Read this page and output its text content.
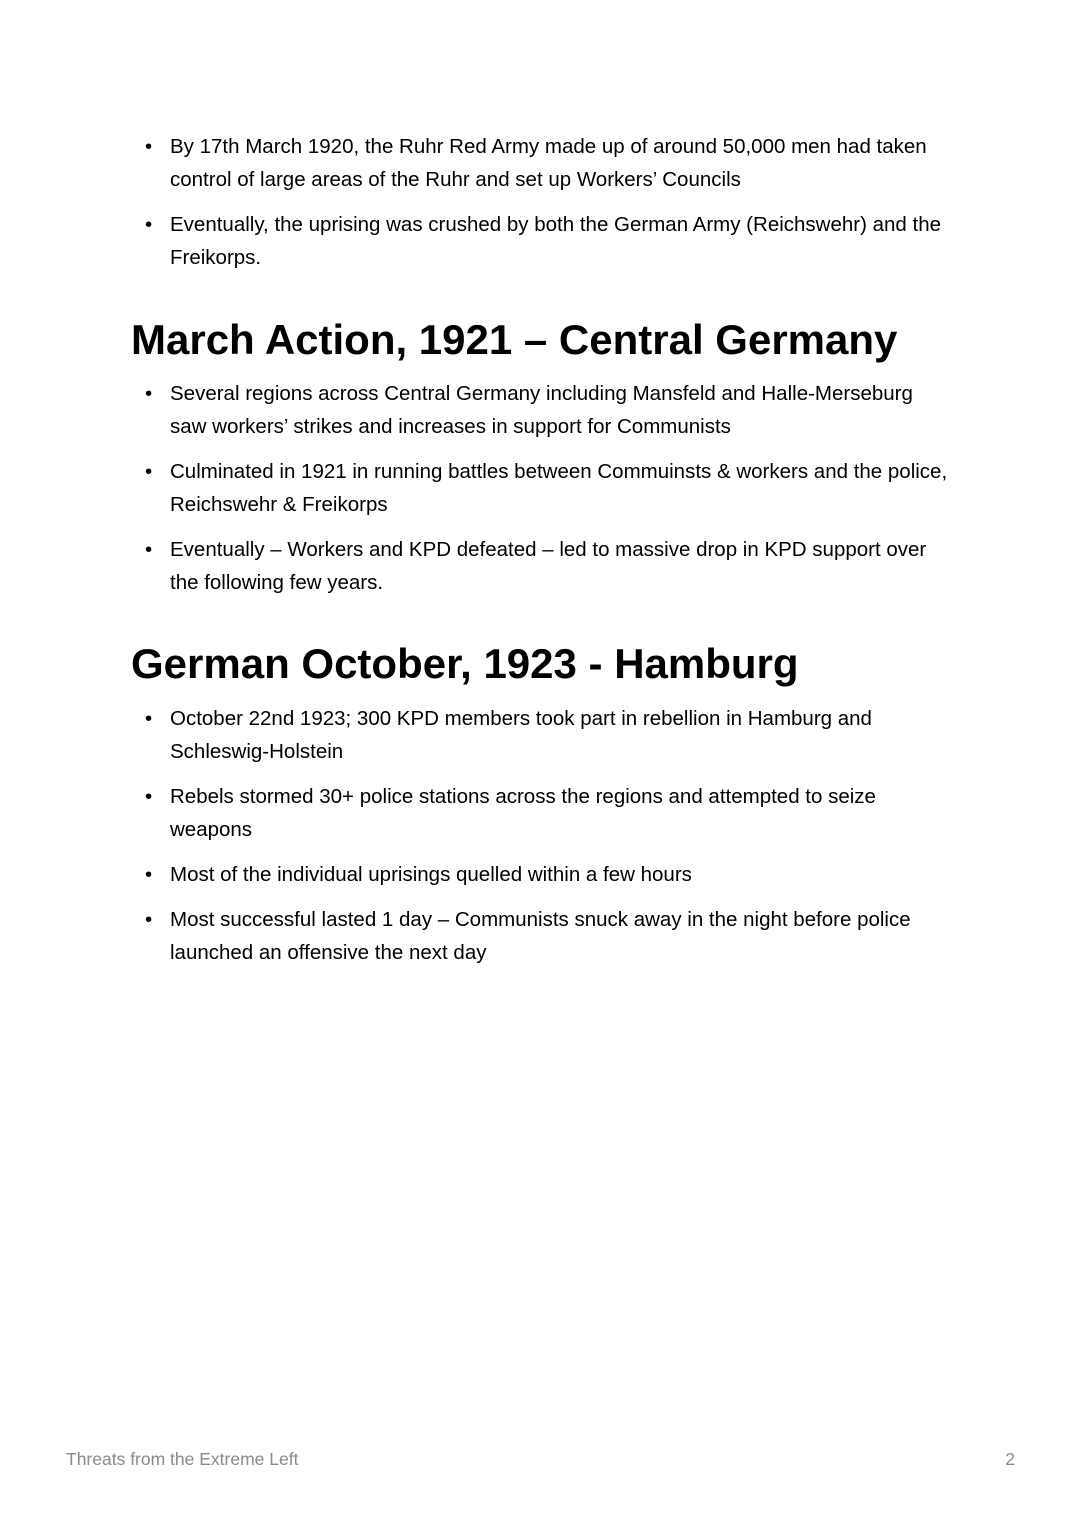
• By 17th March 1920, the Ruhr Red Army made up of around 50,000 men had taken control of large areas of the Ruhr and set up Workers’ Councils
• Eventually, the uprising was crushed by both the German Army (Reichswehr) and the Freikorps.
March Action, 1921 – Central Germany
• Several regions across Central Germany including Mansfeld and Halle-Merseburg saw workers’ strikes and increases in support for Communists
• Culminated in 1921 in running battles between Commuinsts & workers and the police, Reichswehr & Freikorps
• Eventually – Workers and KPD defeated – led to massive drop in KPD support over the following few years.
German October, 1923 - Hamburg
• October 22nd 1923; 300 KPD members took part in rebellion in Hamburg and Schleswig-Holstein
• Rebels stormed 30+ police stations across the regions and attempted to seize weapons
• Most of the individual uprisings quelled within a few hours
• Most successful lasted 1 day – Communists snuck away in the night before police launched an offensive the next day
Threats from the Extreme Left	2
